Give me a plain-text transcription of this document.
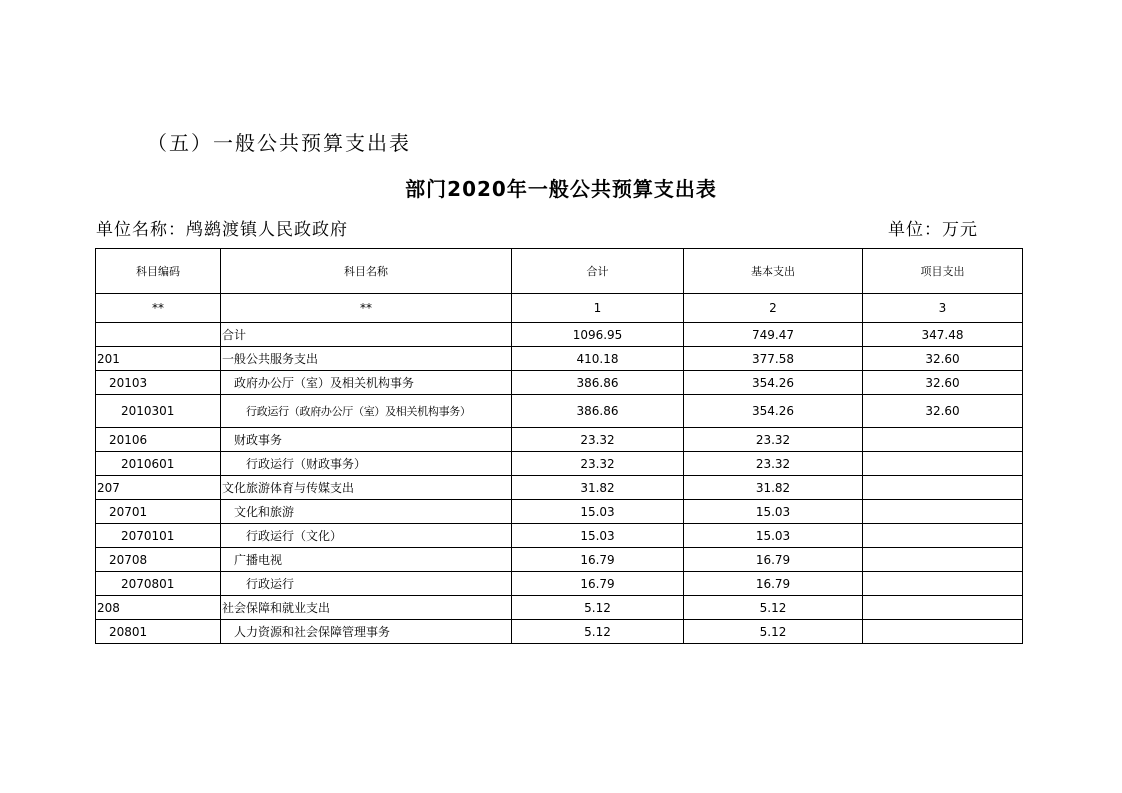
（五）一般公共预算支出表
部门2020年一般公共预算支出表
单位名称：鸬鹚渡镇人民政政府	单位：万元
科目编码	科目名称	合计	基本支出	项目支出
**	**	1	2	3
	合计	1096.95	749.47	347.48
201	一般公共服务支出	410.18	377.58	32.60
20103	政府办公厅（室）及相关机构事务	386.86	354.26	32.60
2010301	行政运行（政府办公厅（室）及相关机构事务）	386.86	354.26	32.60
20106	财政事务	23.32	23.32	
2010601	行政运行（财政事务）	23.32	23.32	
207	文化旅游体育与传媒支出	31.82	31.82	
20701	文化和旅游	15.03	15.03	
2070101	行政运行（文化）	15.03	15.03	
20708	广播电视	16.79	16.79	
2070801	行政运行	16.79	16.79	
208	社会保障和就业支出	5.12	5.12	
20801	人力资源和社会保障管理事务	5.12	5.12	
